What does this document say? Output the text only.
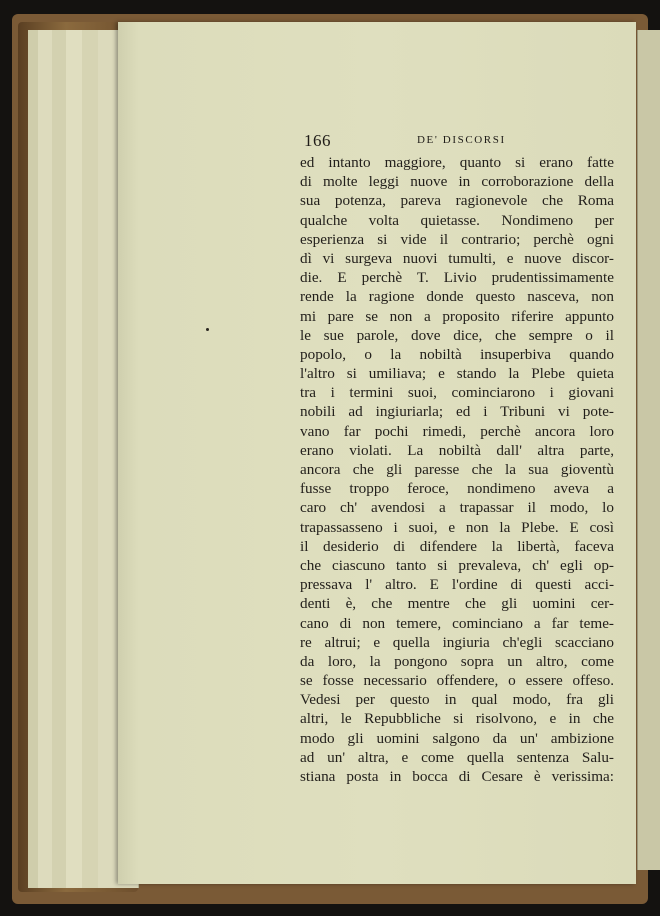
166	DE' DISCORSI
ed intanto maggiore, quanto si erano fatte
di molte leggi nuove in corroborazione della
sua potenza, pareva ragionevole che Roma
qualche volta quietasse. Nondimeno per
esperienza si vide il contrario; perchè ogni
dì vi surgeva nuovi tumulti, e nuove discor-
die. E perchè T. Livio prudentissimamente
rende la ragione donde questo nasceva, non
mi pare se non a proposito riferire appunto
le sue parole, dove dice, che sempre o il
popolo, o la nobiltà insuperbiva quando
l'altro si umiliava; e stando la Plebe quieta
tra i termini suoi, cominciarono i giovani
nobili ad ingiuriarla; ed i Tribuni vi pote-
vano far pochi rimedi, perchè ancora loro
erano violati. La nobiltà dall' altra parte,
ancora che gli paresse che la sua gioventù
fusse troppo feroce, nondimeno aveva a
caro ch' avendosi a trapassar il modo, lo
trapassasseno i suoi, e non la Plebe. E così
il desiderio di difendere la libertà, faceva
che ciascuno tanto si prevaleva, ch' egli op-
pressava l' altro. E l'ordine di questi acci-
denti è, che mentre che gli uomini cer-
cano di non temere, cominciano a far teme-
re altrui; e quella ingiuria ch'egli scacciano
da loro, la pongono sopra un altro, come
se fosse necessario offendere, o essere offeso.
Vedesi per questo in qual modo, fra gli
altri, le Repubbliche si risolvono, e in che
modo gli uomini salgono da un' ambizione
ad un' altra, e come quella sentenza Salu-
stiana posta in bocca di Cesare è verissima:
